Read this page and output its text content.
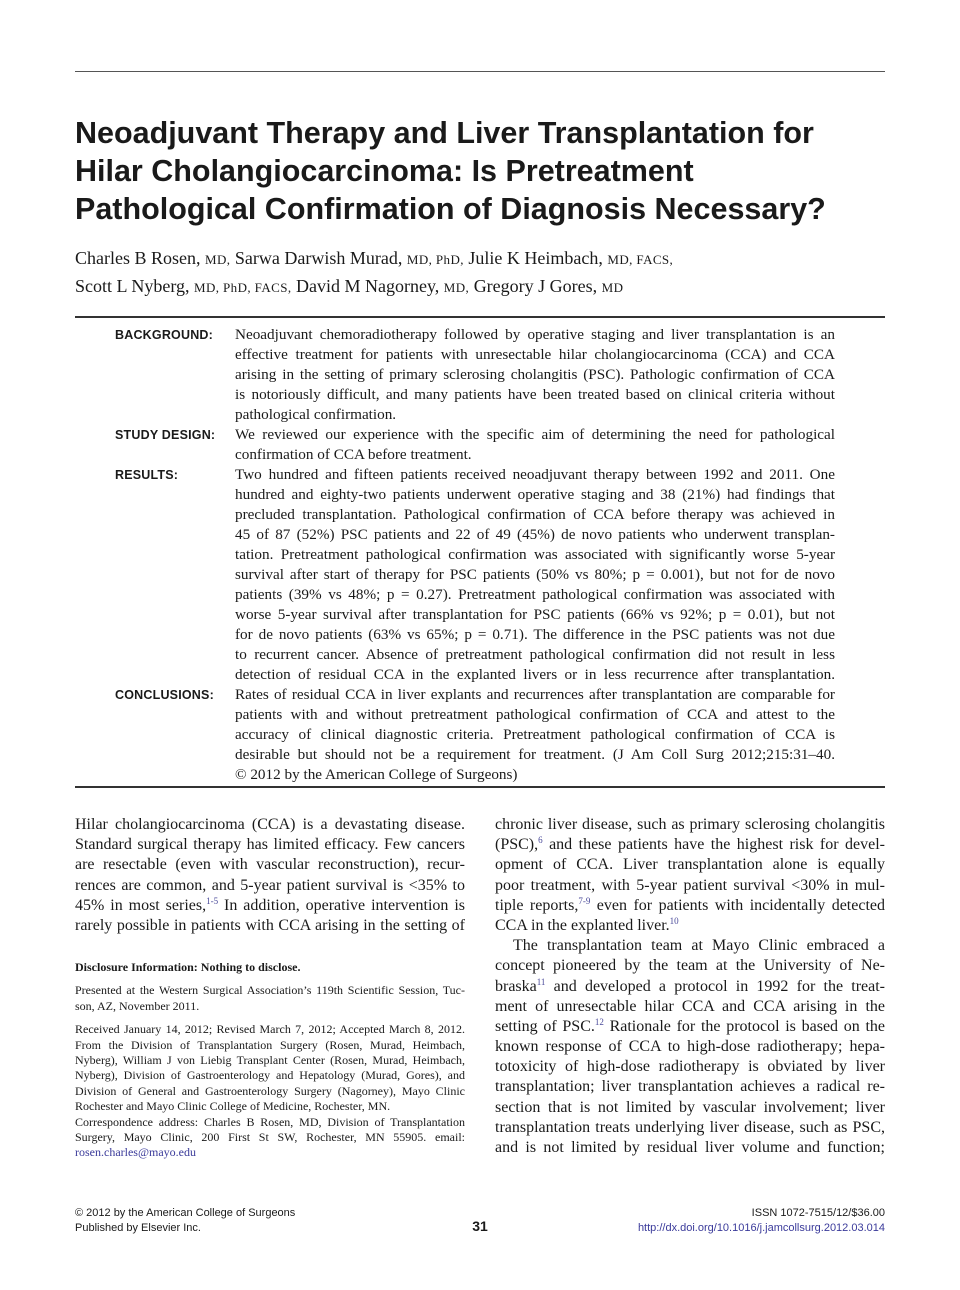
Neoadjuvant Therapy and Liver Transplantation for
Hilar Cholangiocarcinoma: Is Pretreatment
Pathological Confirmation of Diagnosis Necessary?
Charles B Rosen, MD, Sarwa Darwish Murad, MD, PhD, Julie K Heimbach, MD, FACS,
Scott L Nyberg, MD, PhD, FACS, David M Nagorney, MD, Gregory J Gores, MD
BACKGROUND:	Neoadjuvant chemoradiotherapy followed by operative staging and liver transplantation is an
effective treatment for patients with unresectable hilar cholangiocarcinoma (CCA) and CCA
arising in the setting of primary sclerosing cholangitis (PSC). Pathologic confirmation of CCA
is notoriously difficult, and many patients have been treated based on clinical criteria without
pathological confirmation.
STUDY DESIGN:	We reviewed our experience with the specific aim of determining the need for pathological
confirmation of CCA before treatment.
RESULTS:	Two hundred and fifteen patients received neoadjuvant therapy between 1992 and 2011. One
hundred and eighty-two patients underwent operative staging and 38 (21%) had findings that
precluded transplantation. Pathological confirmation of CCA before therapy was achieved in
45 of 87 (52%) PSC patients and 22 of 49 (45%) de novo patients who underwent transplan-
tation. Pretreatment pathological confirmation was associated with significantly worse 5-year
survival after start of therapy for PSC patients (50% vs 80%; p = 0.001), but not for de novo
patients (39% vs 48%; p = 0.27). Pretreatment pathological confirmation was associated with
worse 5-year survival after transplantation for PSC patients (66% vs 92%; p = 0.01), but not
for de novo patients (63% vs 65%; p = 0.71). The difference in the PSC patients was not due
to recurrent cancer. Absence of pretreatment pathological confirmation did not result in less
detection of residual CCA in the explanted livers or in less recurrence after transplantation.
CONCLUSIONS:	Rates of residual CCA in liver explants and recurrences after transplantation are comparable for
patients with and without pretreatment pathological confirmation of CCA and attest to the
accuracy of clinical diagnostic criteria. Pretreatment pathological confirmation of CCA is
desirable but should not be a requirement for treatment. (J Am Coll Surg 2012;215:31–40.
© 2012 by the American College of Surgeons)
Hilar cholangiocarcinoma (CCA) is a devastating disease.
Standard surgical therapy has limited efficacy. Few cancers
are resectable (even with vascular reconstruction), recur-
rences are common, and 5-year patient survival is <35% to
45% in most series,$^{1-5}$ In addition, operative intervention is
rarely possible in patients with CCA arising in the setting of
chronic liver disease, such as primary sclerosing cholangitis
(PSC),$^6$ and these patients have the highest risk for devel-
opment of CCA. Liver transplantation alone is equally
poor treatment, with 5-year patient survival <30% in mul-
tiple reports,$^{7-9}$ even for patients with incidentally detected
CCA in the explanted liver.$^{10}$
The transplantation team at Mayo Clinic embraced a
concept pioneered by the team at the University of Ne-
braska$^{11}$ and developed a protocol in 1992 for the treat-
ment of unresectable hilar CCA and CCA arising in the
setting of PSC.$^{12}$ Rationale for the protocol is based on the
known response of CCA to high-dose radiotherapy; hepa-
totoxicity of high-dose radiotherapy is obviated by liver
transplantation; liver transplantation achieves a radical re-
section that is not limited by vascular involvement; liver
transplantation treats underlying liver disease, such as PSC,
and is not limited by residual liver volume and function;
Disclosure Information: Nothing to disclose.
Presented at the Western Surgical Association’s 119th Scientific Session, Tuc-
son, AZ, November 2011.
Received January 14, 2012; Revised March 7, 2012; Accepted March 8, 2012.
From the Division of Transplantation Surgery (Rosen, Murad, Heimbach,
Nyberg), William J von Liebig Transplant Center (Rosen, Murad, Heimbach,
Nyberg), Division of Gastroenterology and Hepatology (Murad, Gores), and
Division of General and Gastroenterology Surgery (Nagorney), Mayo Clinic
Rochester and Mayo Clinic College of Medicine, Rochester, MN.
Correspondence address: Charles B Rosen, MD, Division of Transplantation
Surgery, Mayo Clinic, 200 First St SW, Rochester, MN 55905. email:
rosen.charles@mayo.edu
© 2012 by the American College of Surgeons
Published by Elsevier Inc.	31
ISSN 1072-7515/12/$36.00
http://dx.doi.org/10.1016/j.jamcollsurg.2012.03.014
